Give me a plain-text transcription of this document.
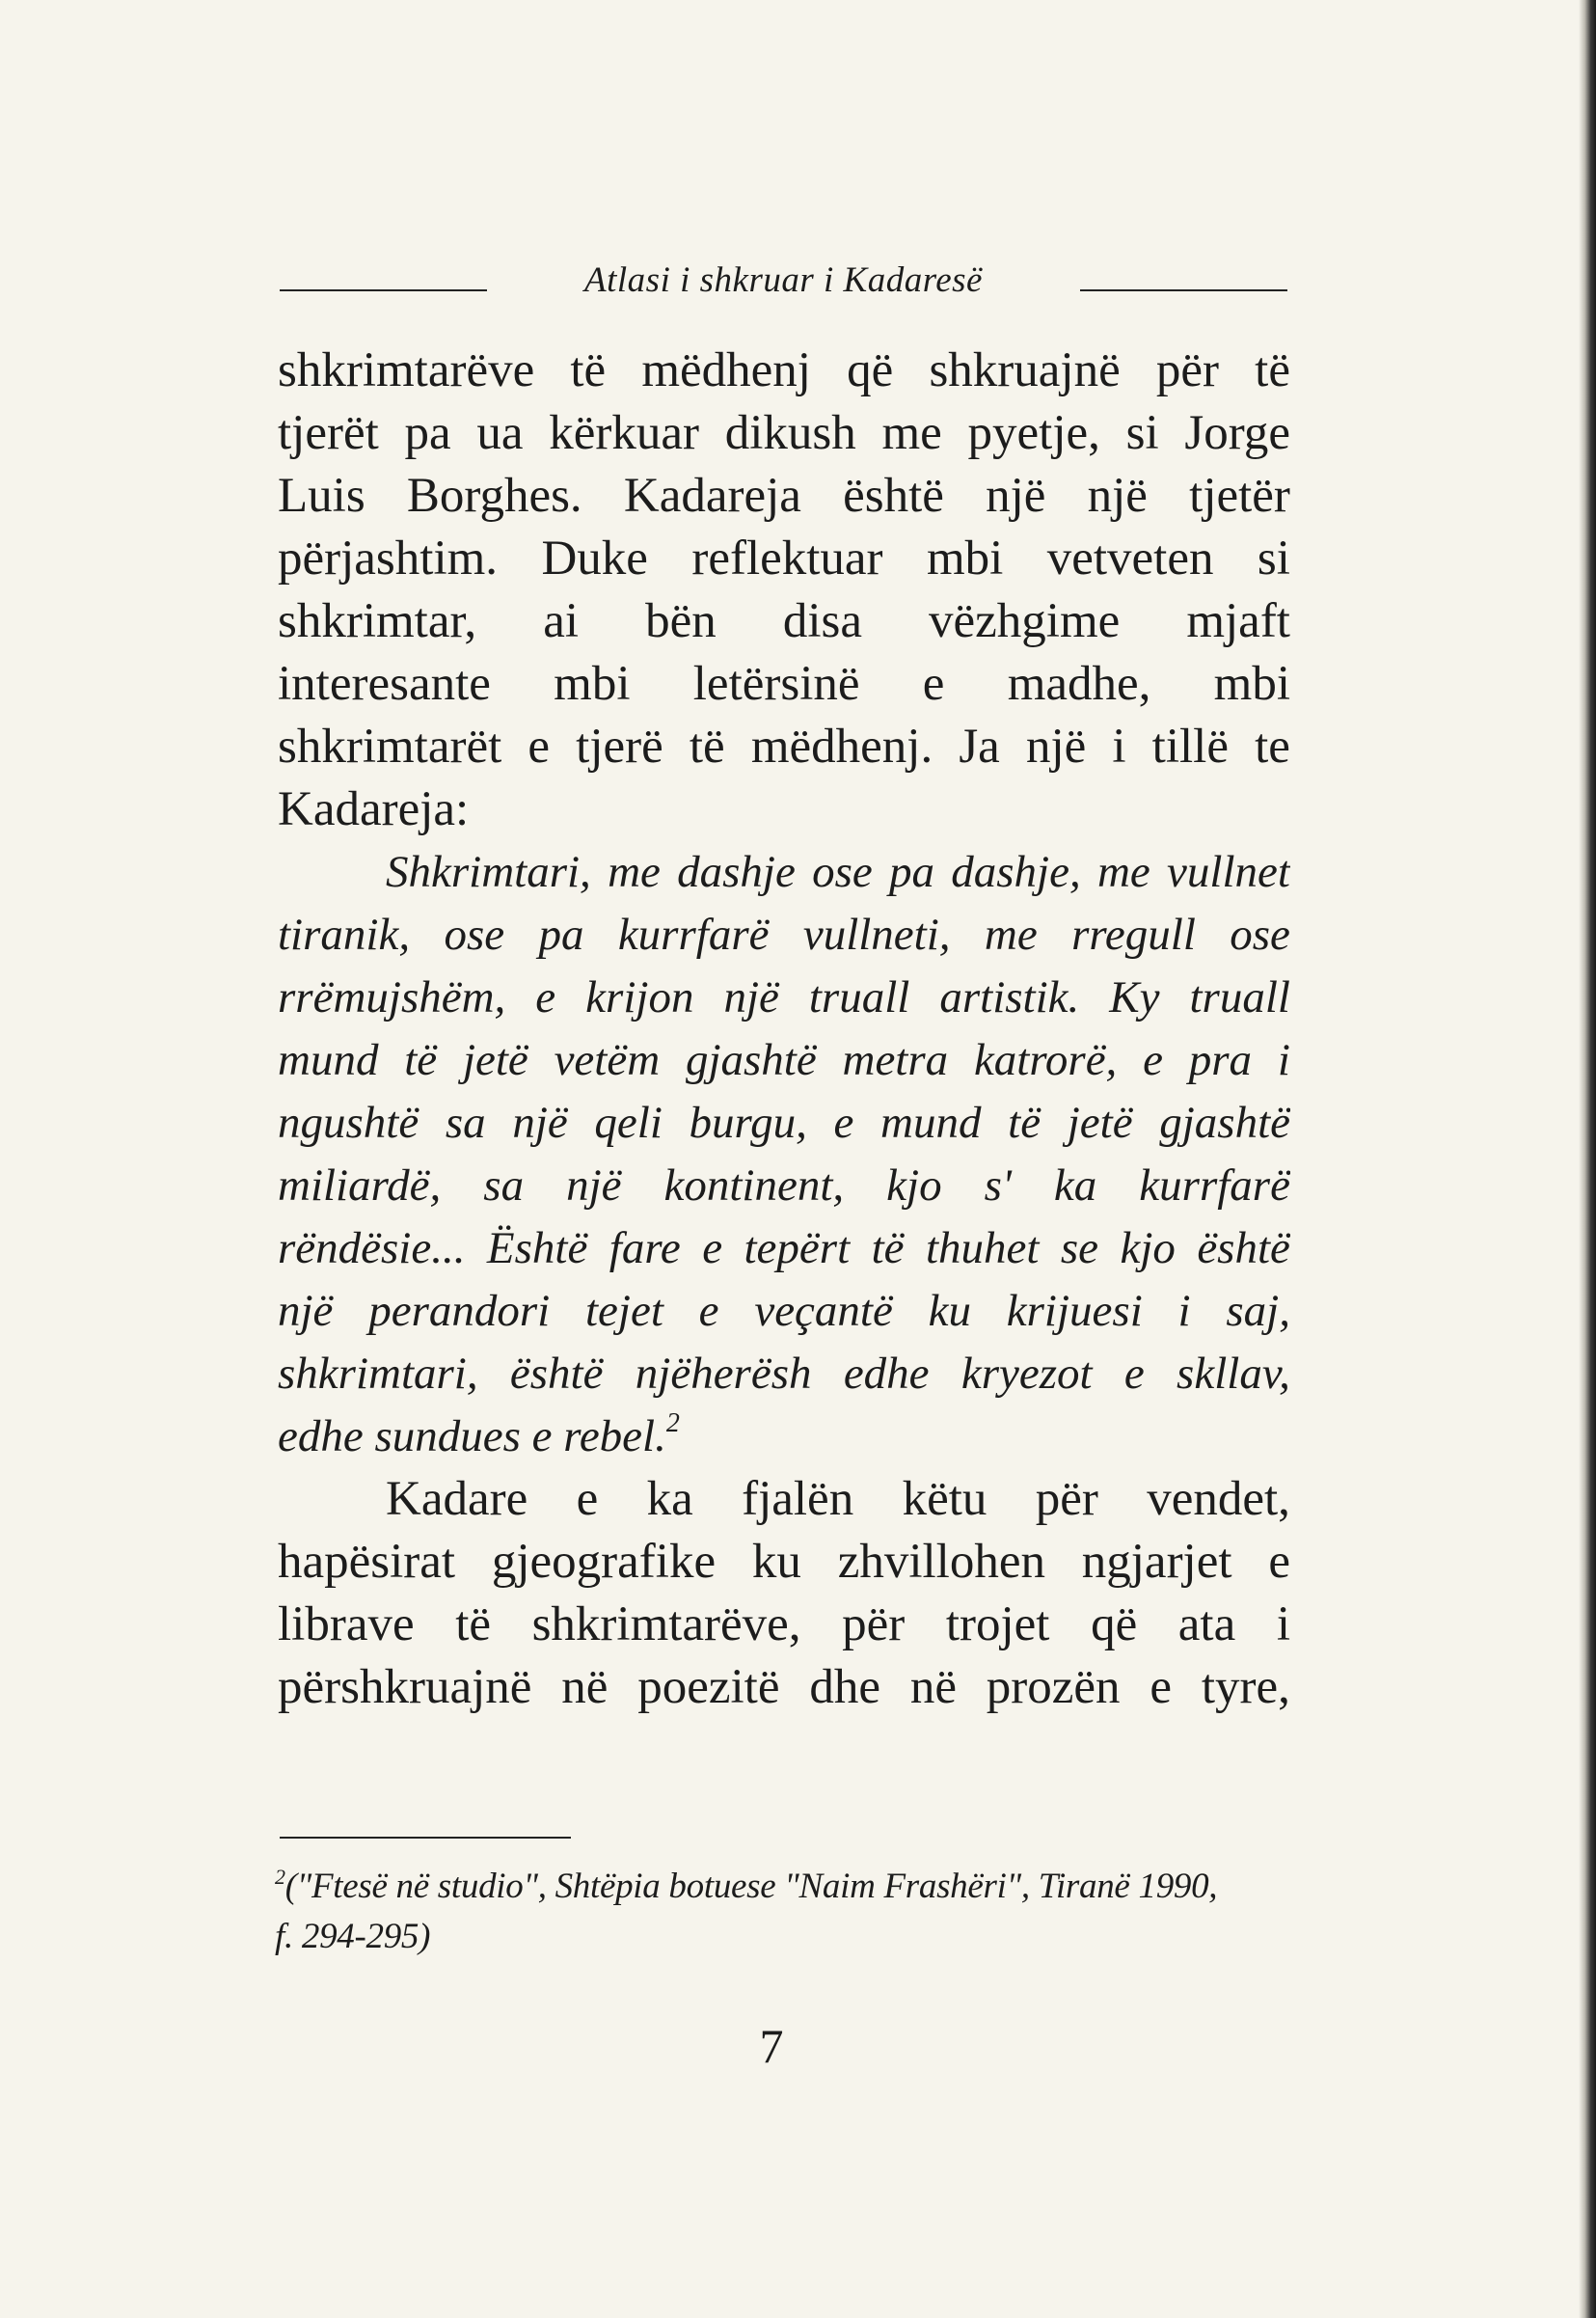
Atlasi i shkruar i Kadaresë
shkrimtarëve të mëdhenj që shkruajnë për të
tjerët pa ua kërkuar dikush me pyetje, si Jorge
Luis Borghes. Kadareja është një një tjetër
përjashtim. Duke reflektuar mbi vetveten si
shkrimtar, ai bën disa vëzhgime mjaft
interesante mbi letërsinë e madhe, mbi
shkrimtarët e tjerë të mëdhenj. Ja një i tillë te
Kadareja:
Shkrimtari, me dashje ose pa dashje, me vullnet
tiranik, ose pa kurrfarë vullneti, me rregull ose
rrëmujshëm, e krijon një truall artistik. Ky truall
mund të jetë vetëm gjashtë metra katrorë, e pra i
ngushtë sa një qeli burgu, e mund të jetë gjashtë
miliardë, sa një kontinent, kjo s' ka kurrfarë
rëndësie... Është fare e tepërt të thuhet se kjo është
një perandori tejet e veçantë ku krijuesi i saj,
shkrimtari, është njëherësh edhe kryezot e skllav,
edhe sundues e rebel.$^2$
Kadare e ka fjalën këtu për vendet,
hapësirat gjeografike ku zhvillohen ngjarjet e
librave të shkrimtarëve, për trojet që ata i
përshkruajnë në poezitë dhe në prozën e tyre,
$^2$("Ftesë në studio", Shtëpia botuese "Naim Frashëri", Tiranë 1990,
f. 294-295)
7
